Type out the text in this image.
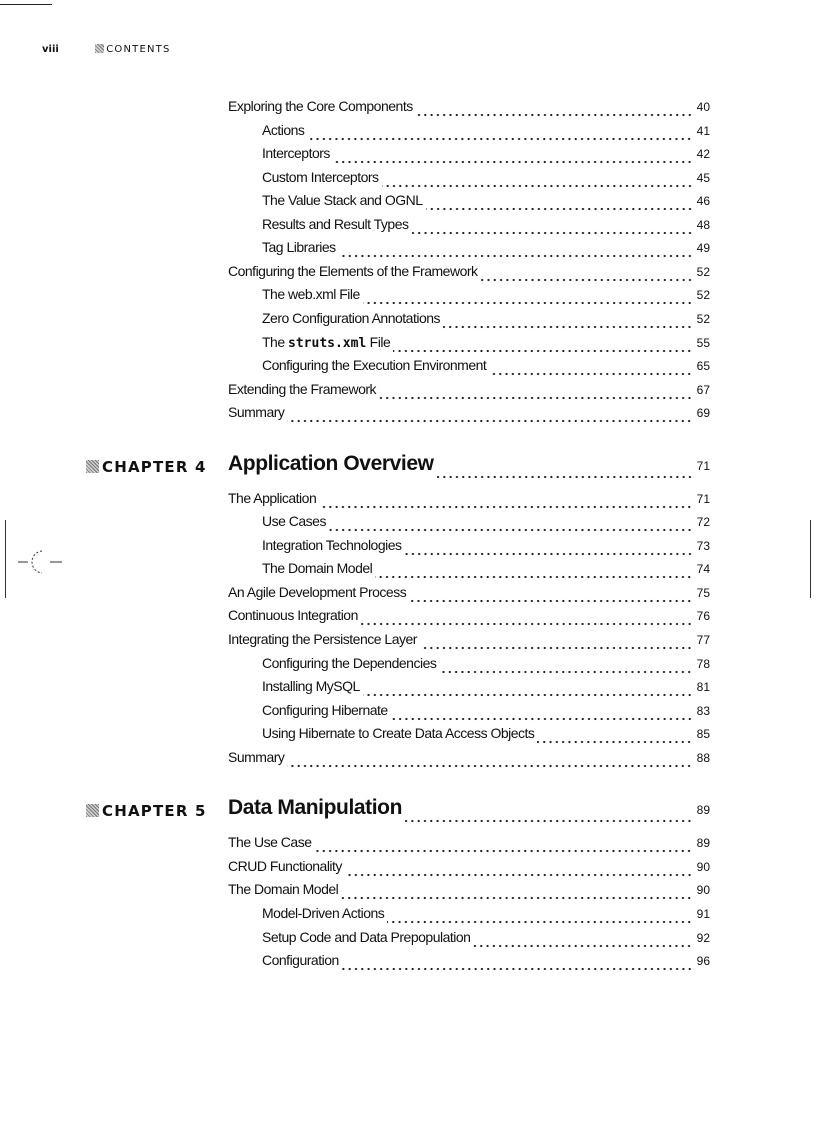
viii	CONTENTS
Exploring the Core Components	40
Actions	41
Interceptors	42
Custom Interceptors	45
The Value Stack and OGNL	46
Results and Result Types	48
Tag Libraries	49
Configuring the Elements of the Framework	52
The web.xml File	52
Zero Configuration Annotations	52
The struts.xml File	55
Configuring the Execution Environment	65
Extending the Framework	67
Summary	69
CHAPTER 4 Application Overview	71
The Application	71
Use Cases	72
Integration Technologies	73
The Domain Model	74
An Agile Development Process	75
Continuous Integration	76
Integrating the Persistence Layer	77
Configuring the Dependencies	78
Installing MySQL	81
Configuring Hibernate	83
Using Hibernate to Create Data Access Objects	85
Summary	88
CHAPTER 5 Data Manipulation	89
The Use Case	89
CRUD Functionality	90
The Domain Model	90
Model-Driven Actions	91
Setup Code and Data Prepopulation	92
Configuration	96
